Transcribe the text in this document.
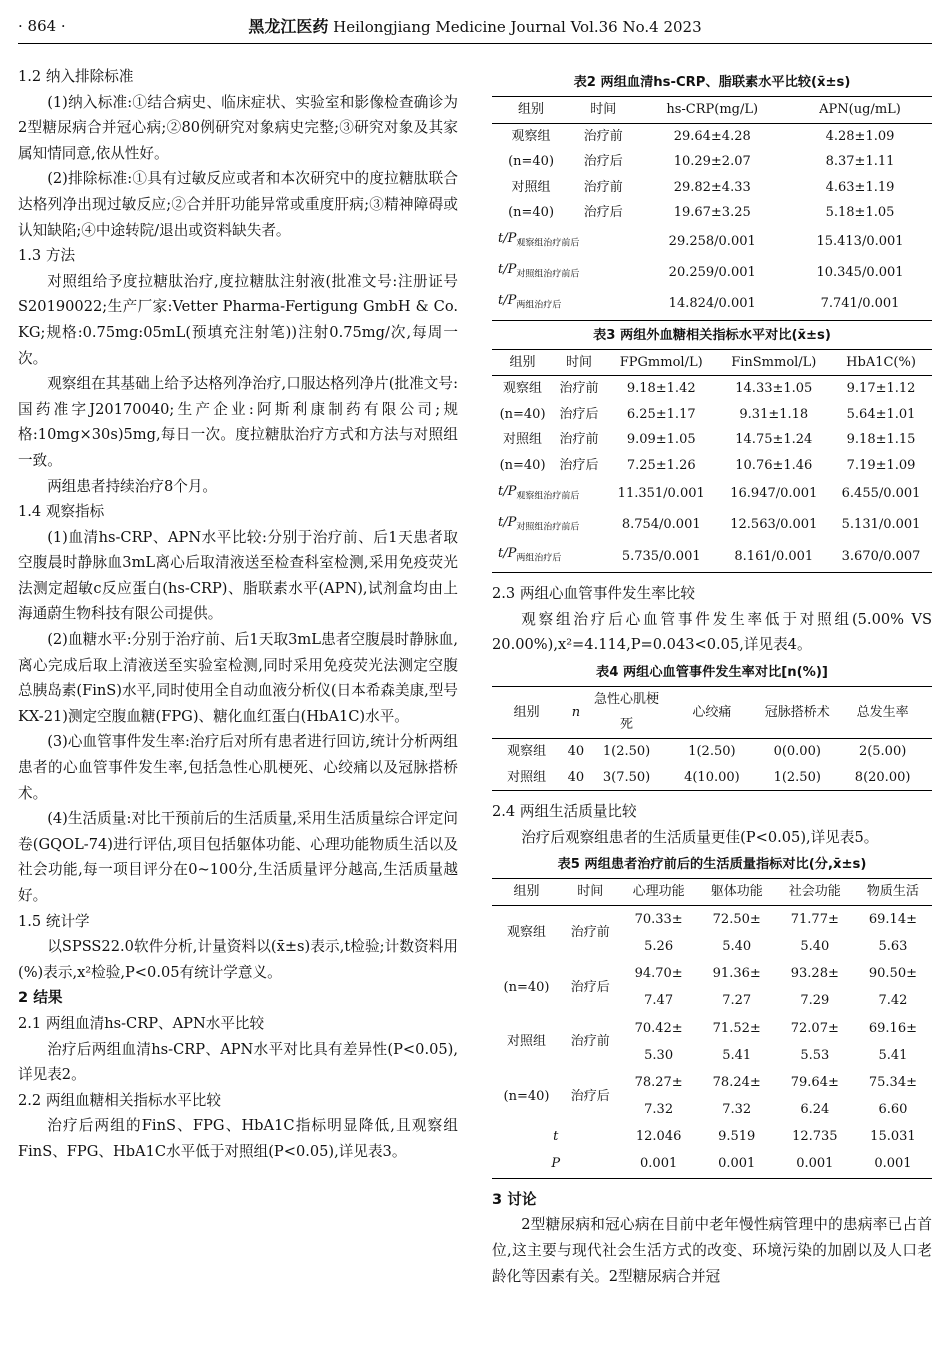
· 864 ·	黑龙江医药 Heilongjiang Medicine Journal Vol.36 No.4 2023

1.2 纳入排除标准

(1)纳入标准:①结合病史、临床症状、实验室和影像检查确诊为2型糖尿病合并冠心病;②80例研究对象病史完整;③研究对象及其家属知情同意,依从性好。

(2)排除标准:①具有过敏反应或者和本次研究中的度拉糖肽联合达格列净出现过敏反应;②合并肝功能异常或重度肝病;③精神障碍或认知缺陷;④中途转院/退出或资料缺失者。

1.3 方法

对照组给予度拉糖肽治疗,度拉糖肽注射液(批准文号:注册证号S20190022;生产厂家:Vetter Pharma-Fertigung GmbH & Co. KG;规格:0.75mg:05mL(预填充注射笔))注射0.75mg/次,每周一次。

观察组在其基础上给予达格列净治疗,口服达格列净片(批准文号:国药准字J20170040;生产企业:阿斯利康制药有限公司;规格:10mg×30s)5mg,每日一次。度拉糖肽治疗方式和方法与对照组一致。

两组患者持续治疗8个月。

1.4 观察指标

(1)血清hs-CRP、APN水平比较:分别于治疗前、后1天患者取空腹晨时静脉血3mL离心后取清液送至检查科室检测,采用免疫荧光法测定超敏c反应蛋白(hs-CRP)、脂联素水平(APN),试剂盒均由上海通蔚生物科技有限公司提供。

(2)血糖水平:分别于治疗前、后1天取3mL患者空腹晨时静脉血,离心完成后取上清液送至实验室检测,同时采用免疫荧光法测定空腹总胰岛素(FinS)水平,同时使用全自动血液分析仪(日本希森美康,型号KX-21)测定空腹血糖(FPG)、糖化血红蛋白(HbA1C)水平。

(3)心血管事件发生率:治疗后对所有患者进行回访,统计分析两组患者的心血管事件发生率,包括急性心肌梗死、心绞痛以及冠脉搭桥术。

(4)生活质量:对比干预前后的生活质量,采用生活质量综合评定问卷(GQOL-74)进行评估,项目包括躯体功能、心理功能物质生活以及社会功能,每一项目评分在0~100分,生活质量评分越高,生活质量越好。

1.5 统计学

以SPSS22.0软件分析,计量资料以(x̄±s)表示,t检验;计数资料用(%)表示,x²检验,P<0.05有统计学意义。

2 结果

2.1 两组血清hs-CRP、APN水平比较

治疗后两组血清hs-CRP、APN水平对比具有差异性(P<0.05),详见表2。

2.2 两组血糖相关指标水平比较

治疗后两组的FinS、FPG、HbA1C指标明显降低,且观察组FinS、FPG、HbA1C水平低于对照组(P<0.05),详见表3。

表2 两组血清hs-CRP、脂联素水平比较(x̄±s)
组别	时间	hs-CRP(mg/L)	APN(ug/mL)
观察组	治疗前	29.64±4.28	4.28±1.09
(n=40)	治疗后	10.29±2.07	8.37±1.11
对照组	治疗前	29.82±4.33	4.63±1.19
(n=40)	治疗后	19.67±3.25	5.18±1.05
$t/P_{观察组治疗前后}$		29.258/0.001	15.413/0.001
$t/P_{对照组治疗前后}$		20.259/0.001	10.345/0.001
$t/P_{两组治疗后}$		14.824/0.001	7.741/0.001
表3 两组外血糖相关指标水平对比(x̄±s)
组别	时间	FPGmmol/L)	FinSmmol/L)	HbA1C(%)
观察组	治疗前	9.18±1.42	14.33±1.05	9.17±1.12
(n=40)	治疗后	6.25±1.17	9.31±1.18	5.64±1.01
对照组	治疗前	9.09±1.05	14.75±1.24	9.18±1.15
(n=40)	治疗后	7.25±1.26	10.76±1.46	7.19±1.09
$t/P_{观察组治疗前后}$		11.351/0.001	16.947/0.001	6.455/0.001
$t/P_{对照组治疗前后}$		8.754/0.001	12.563/0.001	5.131/0.001
$t/P_{两组治疗后}$		5.735/0.001	8.161/0.001	3.670/0.007

2.3 两组心血管事件发生率比较

观察组治疗后心血管事件发生率低于对照组(5.00% VS 20.00%),x²=4.114,P=0.043<0.05,详见表4。

表4 两组心血管事件发生率对比[n(%)]
组别	n	急性心肌梗死	心绞痛	冠脉搭桥术	总发生率
观察组	40	1(2.50)	1(2.50)	0(0.00)	2(5.00)
对照组	40	3(7.50)	4(10.00)	1(2.50)	8(20.00)

2.4 两组生活质量比较

治疗后观察组患者的生活质量更佳(P<0.05),详见表5。

表5 两组患者治疗前后的生活质量指标对比(分,x̄±s)
组别	时间	心理功能	躯体功能	社会功能	物质生活
观察组	治疗前	70.33±	72.50±	71.77±	69.14±
		5.26	5.40	5.40	5.63
(n=40)	治疗后	94.70±	91.36±	93.28±	90.50±
		7.47	7.27	7.29	7.42
对照组	治疗前	70.42±	71.52±	72.07±	69.16±
		5.30	5.41	5.53	5.41
(n=40)	治疗后	78.27±	78.24±	79.64±	75.34±
		7.32	7.32	6.24	6.60
t		12.046	9.519	12.735	15.031
P		0.001	0.001	0.001	0.001

3 讨论

2型糖尿病和冠心病在目前中老年慢性病管理中的患病率已占首位,这主要与现代社会生活方式的改变、环境污染的加剧以及人口老龄化等因素有关。2型糖尿病合并冠
